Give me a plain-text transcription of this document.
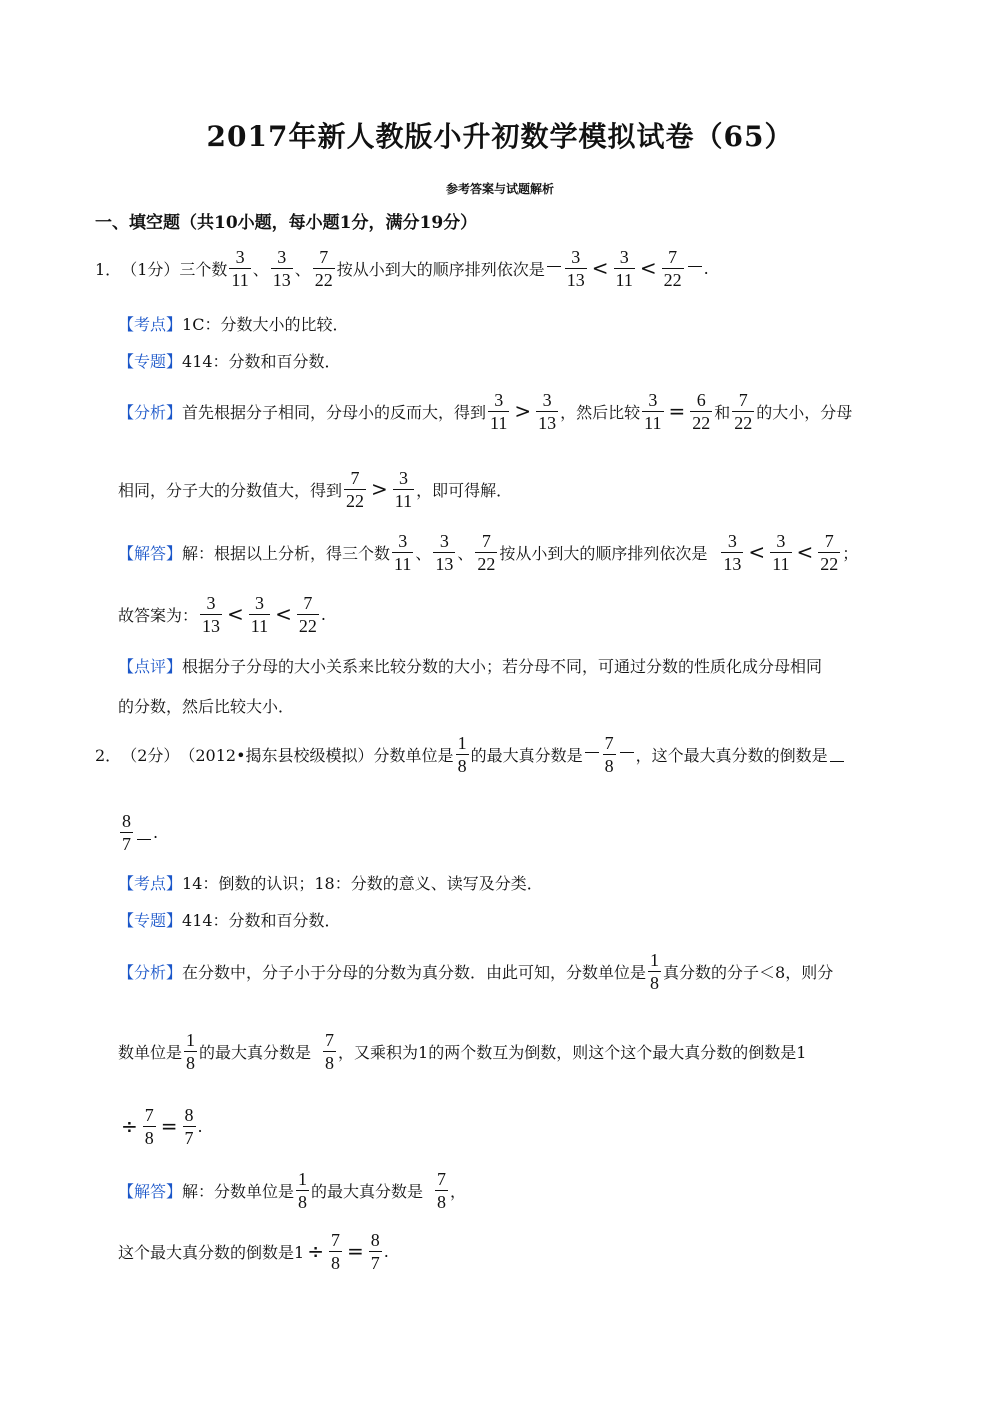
2017年新人教版小升初数学模拟试卷（65）
参考答案与试题解析
一、填空题（共10小题，每小题1分，满分19分）
1． （1分） 三个数 $\frac{3}{11}$ 、 $\frac{3}{13}$ 、 $\frac{7}{22}$ 按从小到大的顺序排列依次是 $\frac{3}{13} < \frac{3}{11} < \frac{7}{22}$ .
【考点】 1C：分数大小的比较．
【专题】 414：分数和百分数．
【分析】 首先根据分子相同，分母小的反而大，得到 $\frac{3}{11} > \frac{3}{13}$ ，然后比较 $\frac{3}{11} = \frac{6}{22}$ 和 $\frac{7}{22}$ 的大小，分母
相同，分子大的分数值大，得到 $\frac{7}{22} > \frac{3}{11}$ ，即可得解．
【解答】 解：根据以上分析，得三个数 $\frac{3}{11}$ 、 $\frac{3}{13}$ 、 $\frac{7}{22}$ 按从小到大的顺序排列依次是 $\frac{3}{13} < \frac{3}{11} < \frac{7}{22}$ ；
故答案为： $\frac{3}{13} < \frac{3}{11} < \frac{7}{22}$ .
【点评】 根据分子分母的大小关系来比较分数的大小；若分母不同，可通过分数的性质化成分母相同
的分数，然后比较大小．
2． （2分） （2012•揭东县校级模拟） 分数单位是 $\frac{1}{8}$ 的最大真分数是 $\frac{7}{8}$ ，这个最大真分数的倒数是
$\frac{8}{7}$ .
【考点】 14：倒数的认识；18：分数的意义、读写及分类．
【专题】 414：分数和百分数．
【分析】 在分数中，分子小于分母的分数为真分数．由此可知，分数单位是 $\frac{1}{8}$ 真分数的分子＜8，则分
数单位是 $\frac{1}{8}$ 的最大真分数是 $\frac{7}{8}$ ，又乘积为1的两个数互为倒数，则这个这个最大真分数的倒数是1
÷ $\frac{7}{8} = \frac{8}{7}$ .
【解答】 解：分数单位是 $\frac{1}{8}$ 的最大真分数是 $\frac{7}{8}$ ，
这个最大真分数的倒数是$1 \div \frac{7}{8} = \frac{8}{7}$ .
